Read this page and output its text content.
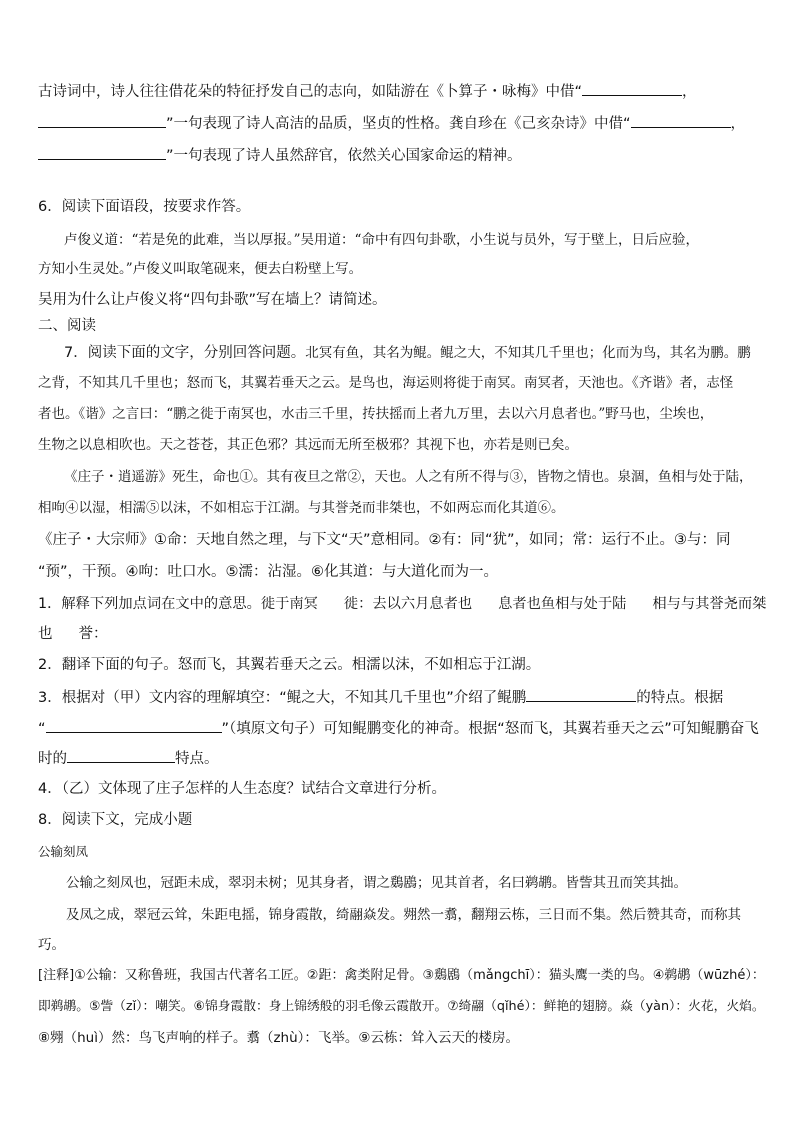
古诗词中，诗人往往借花朵的特征抒发自己的志向，如陆游在《卜算子・咏梅》中借“	，
”一句表现了诗人高洁的品质，坚贞的性格。龚自珍在《己亥杂诗》中借“	，
”一句表现了诗人虽然辞官，依然关心国家命运的精神。
6．阅读下面语段，按要求作答。
卢俊义道：“若是免的此难，当以厚报。”吴用道：“命中有四句卦歌，小生说与员外，写于壁上，日后应验，
方知小生灵处。”卢俊义叫取笔砚来，便去白粉壁上写。
吴用为什么让卢俊义将“四句卦歌”写在墙上？请简述。
二、阅读
7．阅读下面的文字，分别回答问题。北冥有鱼，其名为鲲。鲲之大，不知其几千里也；化而为鸟，其名为鹏。鹏
之背，不知其几千里也；怒而飞，其翼若垂天之云。是鸟也，海运则将徙于南冥。南冥者，天池也。《齐谐》者，志怪
者也。《谐》之言曰：“鹏之徙于南冥也，水击三千里，抟扶摇而上者九万里，去以六月息者也。”野马也，尘埃也，
生物之以息相吹也。天之苍苍，其正色邪？其远而无所至极邪？其视下也，亦若是则已矣。
《庄子・逍遥游》死生，命也①。其有夜旦之常②，天也。人之有所不得与③，皆物之情也。泉涸，鱼相与处于陆，
相呴④以湿，相濡⑤以沫，不如相忘于江湖。与其誉尧而非桀也，不如两忘而化其道⑥。
《庄子・大宗师》①命：天地自然之理，与下文“天”意相同。②有：同“犹”，如同；常：运行不止。③与：同
“预”，干预。④呴：吐口水。⑤濡：沾湿。⑥化其道：与大道化而为一。
1．解释下列加点词在文中的意思。徙于南冥 徙：去以六月息者也 息者也鱼相与处于陆 相与与其誉尧而桀
也 誉：
2．翻译下面的句子。怒而飞，其翼若垂天之云。相濡以沫，不如相忘于江湖。
3．根据对（甲）文内容的理解填空：“鲲之大，不知其几千里也”介绍了鲲鹏	的特点。根据
“	”（填原文句子）可知鲲鹏变化的神奇。根据“怒而飞，其翼若垂天之云”可知鲲鹏奋飞
时的	特点。
4．（乙）文体现了庄子怎样的人生态度？试结合文章进行分析。
8．阅读下文，完成小题
公输刻凤
公输之刻凤也，冠距未成，翠羽未树；见其身者，谓之鶢鶋；见其首者，名曰鹈鹕。皆訾其丑而笑其拙。
及凤之成，翠冠云耸，朱距电摇，锦身霞散，绮翮焱发。翙然一翥，翻翔云栋，三日而不集。然后赞其奇，而称其
巧。
[注释]①公输：又称鲁班，我国古代著名工匠。②距：禽类附足骨。③鶢鶋（mǎngchī）：猫头鹰一类的鸟。④鹈鹕（wūzhé）：
即鹈鹕。⑤訾（zǐ）：嘲笑。⑥锦身霞散：身上锦绣般的羽毛像云霞散开。⑦绮翮（qǐhé）：鲜艳的翅膀。焱（yàn）：火花，火焰。
⑧翙（huì）然：鸟飞声响的样子。翥（zhù）：飞举。⑨云栋：耸入云天的楼房。
